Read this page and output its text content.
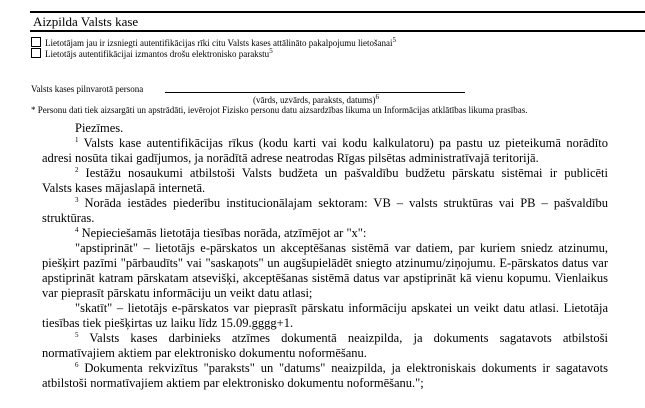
Aizpilda Valsts kase
Lietotājam jau ir izsniegti autentifikācijas rīki citu Valsts kases attālināto pakalpojumu lietošanai$^5$
Lietotājs autentifikācijai izmantos drošu elektronisko parakstu$^5$
Valsts kases pilnvarotā persona
(vārds, uzvārds, paraksts, datums)$^6$
* Personu dati tiek aizsargāti un apstrādāti, ievērojot Fizisko personu datu aizsardzības likuma un Informācijas atklātības likuma prasības.
Piezīmes.
$^1$ Valsts kase autentifikācijas rīkus (kodu karti vai kodu kalkulatoru) pa pastu uz pieteikumā norādīto
adresi nosūta tikai gadījumos, ja norādītā adrese neatrodas Rīgas pilsētas administratīvajā teritorijā.
$^2$ Iestāžu nosaukumi atbilstoši Valsts budžeta un pašvaldību budžetu pārskatu sistēmai ir publicēti
Valsts kases mājaslapā internetā.
$^3$ Norāda iestādes piederību institucionālajam sektoram: VB – valsts struktūras vai PB – pašvaldību
struktūras.
$^4$ Nepieciešamās lietotāja tiesības norāda, atzīmējot ar "x":
"apstiprināt" – lietotājs e-pārskatos un akceptēšanas sistēmā var datiem, par kuriem sniedz atzinumu,
piešķirt pazīmi "pārbaudīts" vai "saskaņots" un augšupielādēt sniegto atzinumu/ziņojumu. E-pārskatos datus var
apstiprināt katram pārskatam atsevišķi, akceptēšanas sistēmā datus var apstiprināt kā vienu kopumu. Vienlaikus
var pieprasīt pārskatu informāciju un veikt datu atlasi;
"skatīt" – lietotājs e-pārskatos var pieprasīt pārskatu informāciju apskatei un veikt datu atlasi. Lietotāja
tiesības tiek piešķirtas uz laiku līdz 15.09.gggg+1.
$^5$ Valsts kases darbinieks atzīmes dokumentā neaizpilda, ja dokuments sagatavots atbilstoši
normatīvajiem aktiem par elektronisko dokumentu noformēšanu.
$^6$ Dokumenta rekvizītus "paraksts" un "datums" neaizpilda, ja elektroniskais dokuments ir sagatavots
atbilstoši normatīvajiem aktiem par elektronisko dokumentu noformēšanu.";
